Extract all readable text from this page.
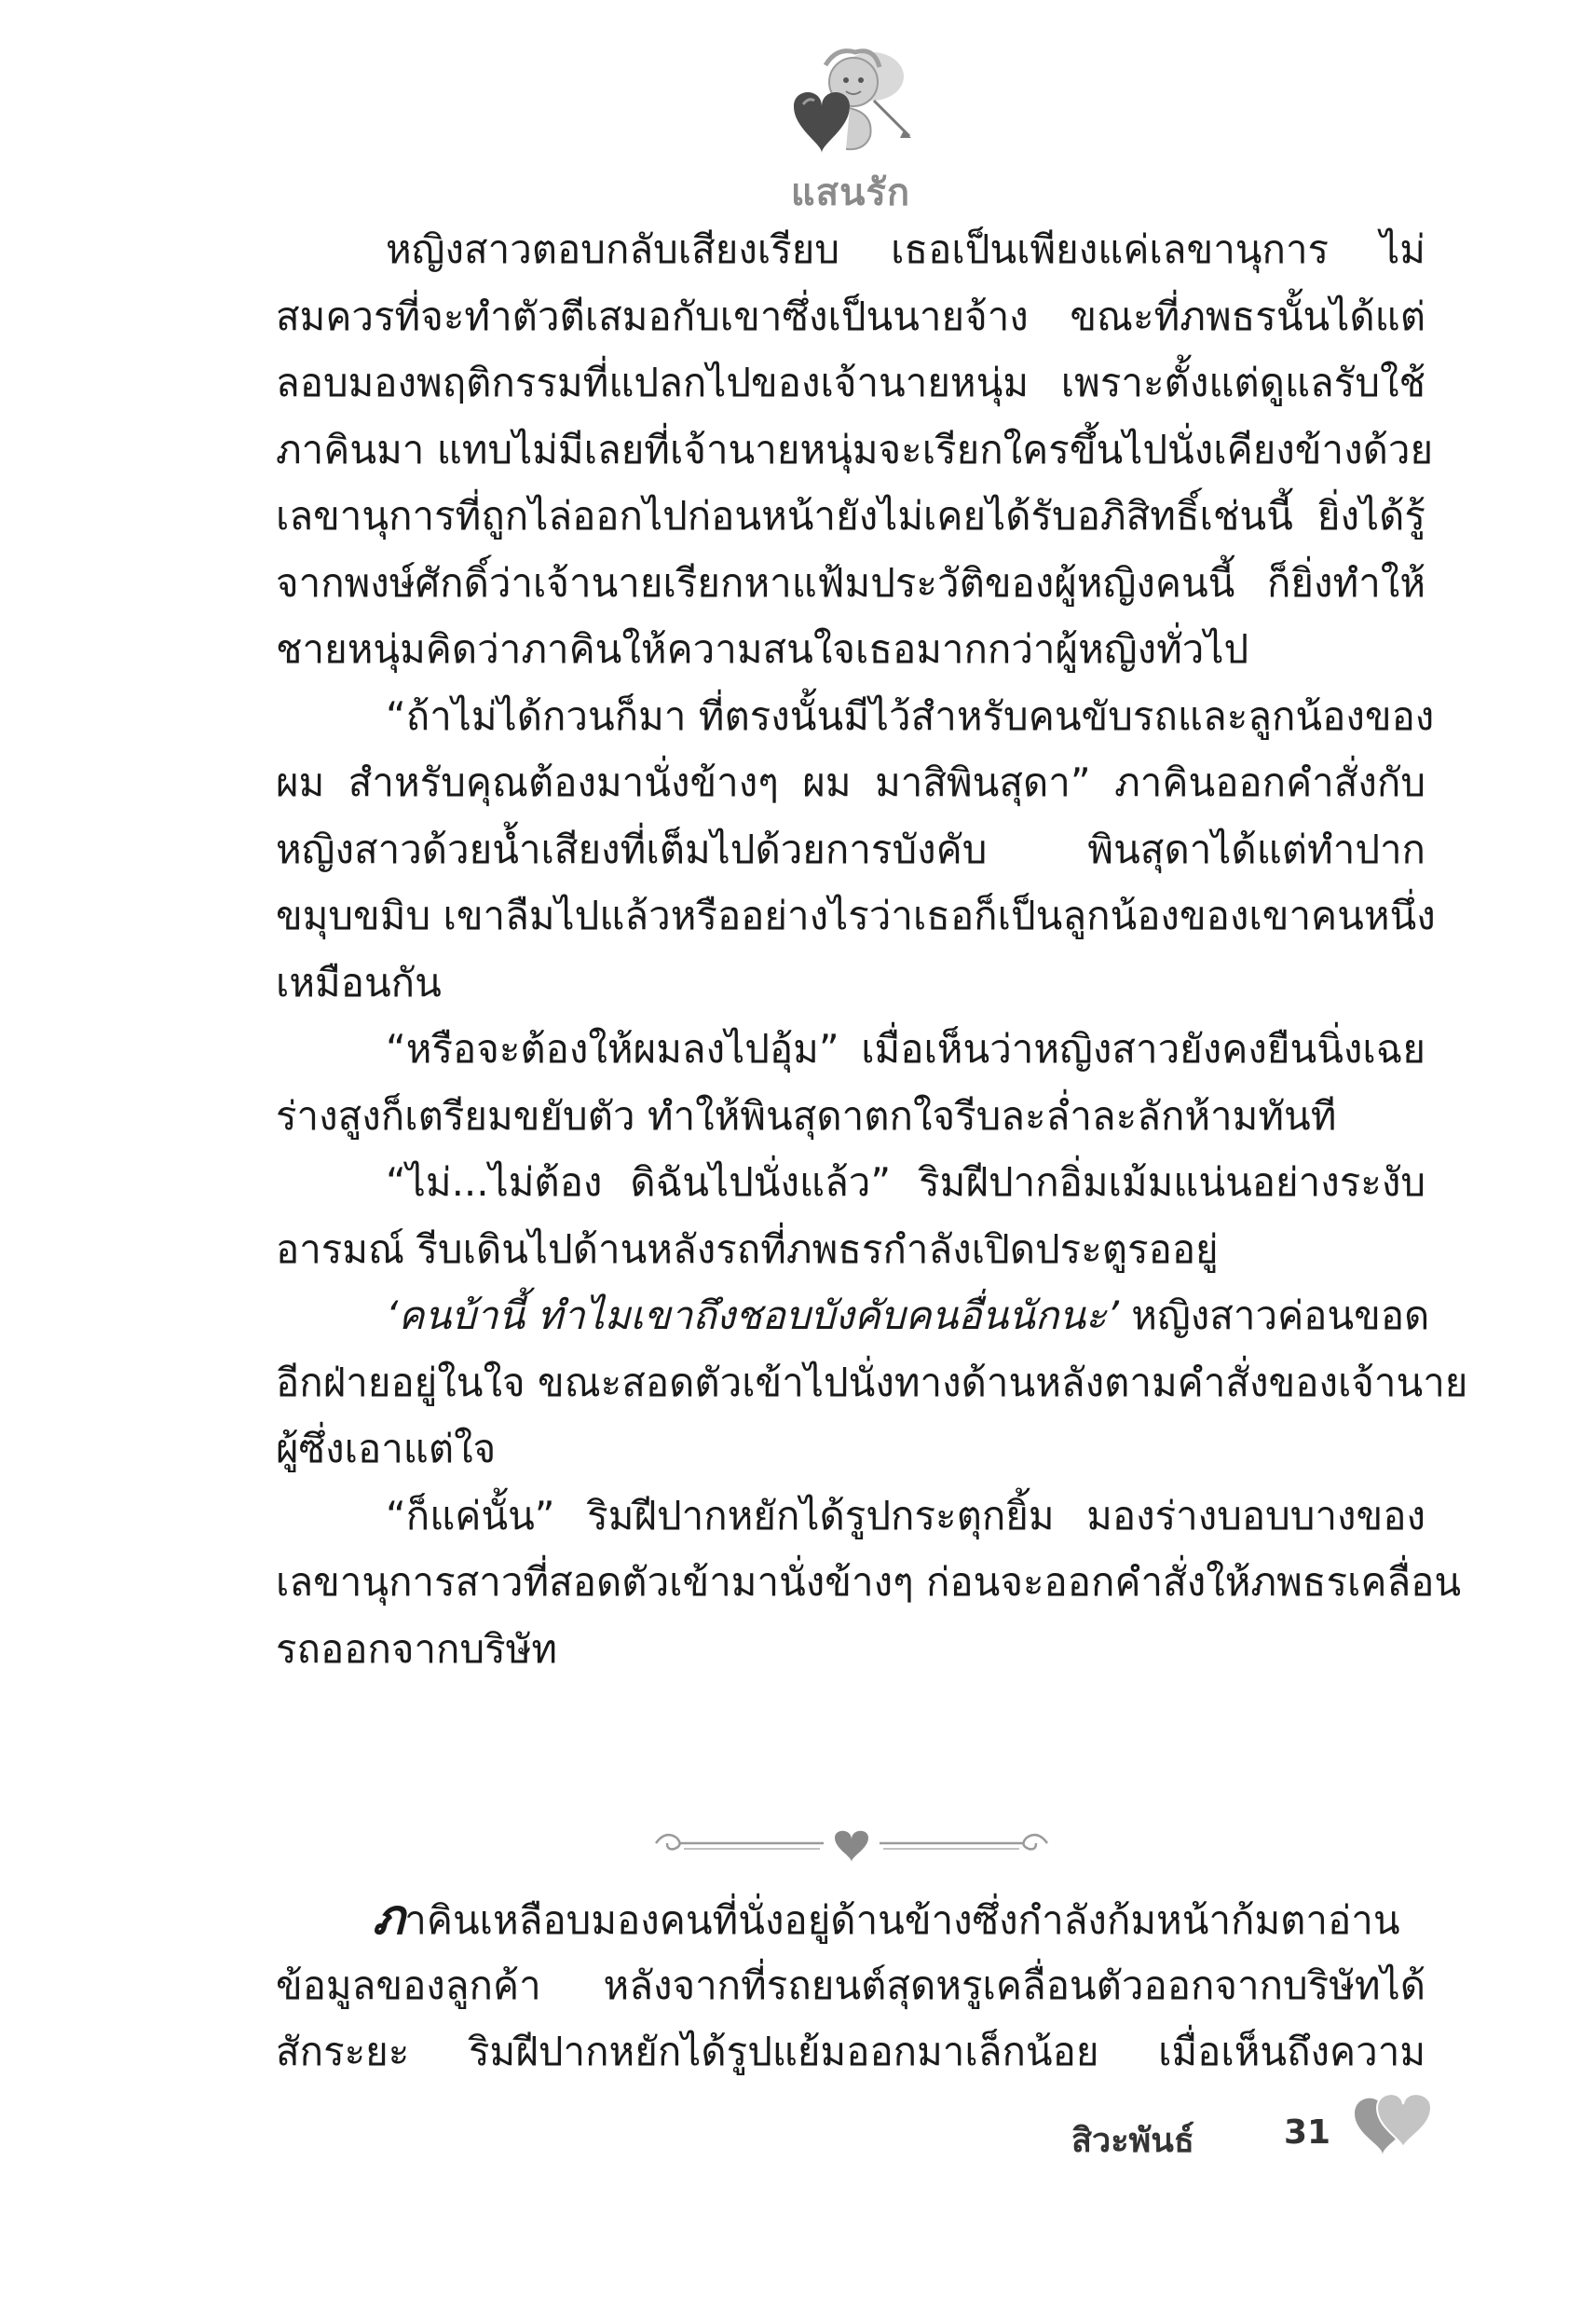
แสนรัก
หญิงสาวตอบกลับเสียงเรียบ เธอเป็นเพียงแค่เลขานุการ ไม่
สมควรที่จะทำตัวตีเสมอกับเขาซึ่งเป็นนายจ้าง ขณะที่ภพธรนั้นได้แต่
ลอบมองพฤติกรรมที่แปลกไปของเจ้านายหนุ่ม เพราะตั้งแต่ดูแลรับใช้
ภาคินมา แทบไม่มีเลยที่เจ้านายหนุ่มจะเรียกใครขึ้นไปนั่งเคียงข้างด้วย
เลขานุการที่ถูกไล่ออกไปก่อนหน้ายังไม่เคยได้รับอภิสิทธิ์เช่นนี้ ยิ่งได้รู้
จากพงษ์ศักดิ์ว่าเจ้านายเรียกหาแฟ้มประวัติของผู้หญิงคนนี้ ก็ยิ่งทำให้
ชายหนุ่มคิดว่าภาคินให้ความสนใจเธอมากกว่าผู้หญิงทั่วไป
“ถ้าไม่ได้กวนก็มา ที่ตรงนั้นมีไว้สำหรับคนขับรถและลูกน้องของ
ผม สำหรับคุณต้องมานั่งข้างๆ ผม มาสิพินสุดา” ภาคินออกคำสั่งกับ
หญิงสาวด้วยน้ำเสียงที่เต็มไปด้วยการบังคับ พินสุดาได้แต่ทำปาก
ขมุบขมิบ เขาลืมไปแล้วหรืออย่างไรว่าเธอก็เป็นลูกน้องของเขาคนหนึ่ง
เหมือนกัน
“หรือจะต้องให้ผมลงไปอุ้ม” เมื่อเห็นว่าหญิงสาวยังคงยืนนิ่งเฉย
ร่างสูงก็เตรียมขยับตัว ทำให้พินสุดาตกใจรีบละล่ำละลักห้ามทันที
“ไม่...ไม่ต้อง ดิฉันไปนั่งแล้ว” ริมฝีปากอิ่มเม้มแน่นอย่างระงับ
อารมณ์ รีบเดินไปด้านหลังรถที่ภพธรกำลังเปิดประตูรออยู่
‘คนบ้านี้ ทำไมเขาถึงชอบบังคับคนอื่นนักนะ’ หญิงสาวค่อนขอด
อีกฝ่ายอยู่ในใจ ขณะสอดตัวเข้าไปนั่งทางด้านหลังตามคำสั่งของเจ้านาย
ผู้ซึ่งเอาแต่ใจ
“ก็แค่นั้น” ริมฝีปากหยักได้รูปกระตุกยิ้ม มองร่างบอบบางของ
เลขานุการสาวที่สอดตัวเข้ามานั่งข้างๆ ก่อนจะออกคำสั่งให้ภพธรเคลื่อน
รถออกจากบริษัท
ภาคินเหลือบมองคนที่นั่งอยู่ด้านข้างซึ่งกำลังก้มหน้าก้มตาอ่าน
ข้อมูลของลูกค้า หลังจากที่รถยนต์สุดหรูเคลื่อนตัวออกจากบริษัทได้
สักระยะ ริมฝีปากหยักได้รูปแย้มออกมาเล็กน้อย เมื่อเห็นถึงความ
สิวะพันธ์	31
